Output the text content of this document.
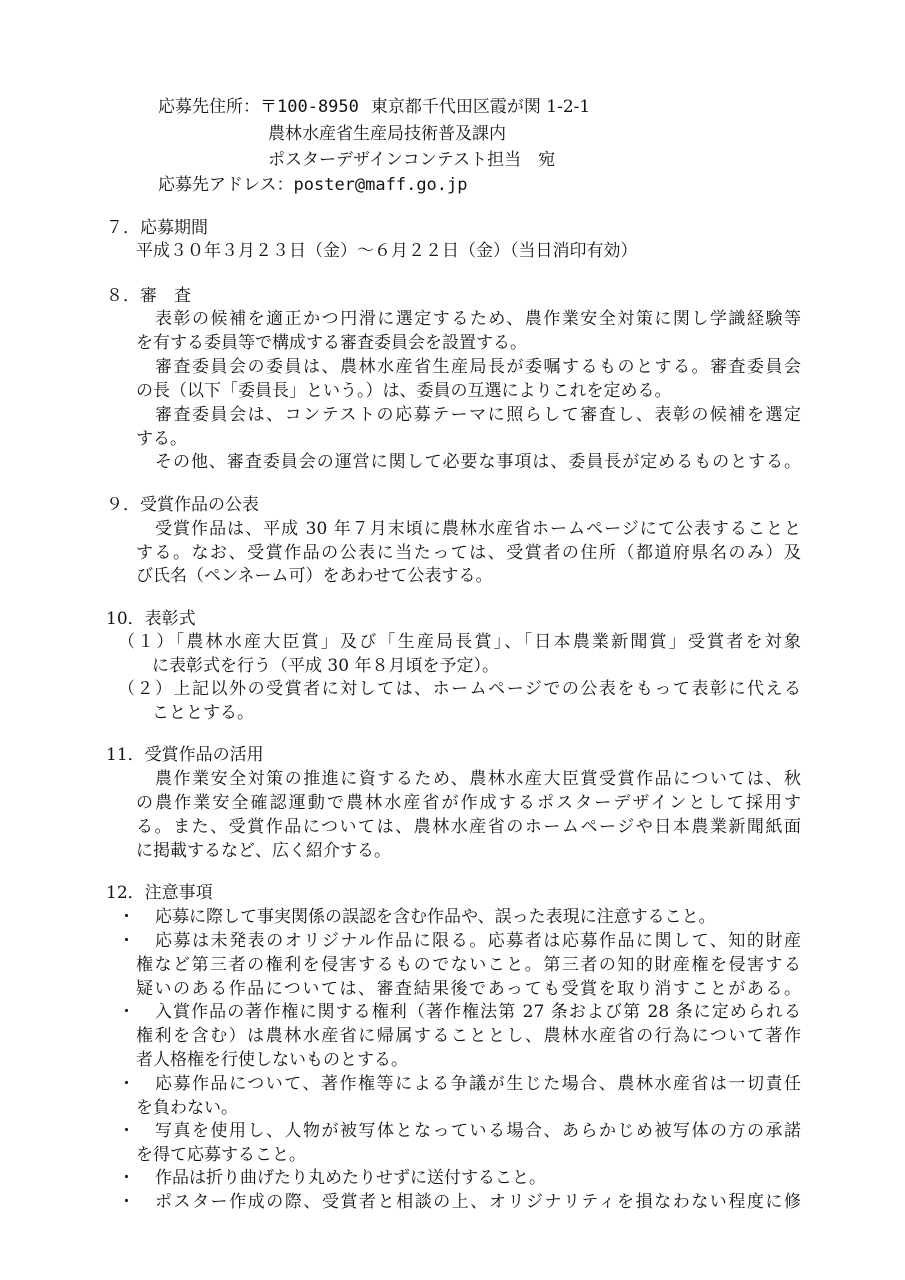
応募先住所：〒100-8950 東京都千代田区霞が関 1-2-1
農林水産省生産局技術普及課内
ポスターデザインコンテスト担当　宛
応募先アドレス：poster@maff.go.jp
７．応募期間
平成３０年３月２３日（金）～６月２２日（金）（当日消印有効）
８．審　査
表彰の候補を適正かつ円滑に選定するため、農作業安全対策に関し学識経験等
を有する委員等で構成する審査委員会を設置する。
審査委員会の委員は、農林水産省生産局長が委嘱するものとする。審査委員会
の長（以下「委員長」という。）は、委員の互選によりこれを定める。
審査委員会は、コンテストの応募テーマに照らして審査し、表彰の候補を選定
する。
その他、審査委員会の運営に関して必要な事項は、委員長が定めるものとする。
９．受賞作品の公表
受賞作品は、平成 30 年７月末頃に農林水産省ホームページにて公表することと
する。なお、受賞作品の公表に当たっては、受賞者の住所（都道府県名のみ）及
び氏名（ペンネーム可）をあわせて公表する。
10．表彰式
（１）「農林水産大臣賞」及び「生産局長賞」、「日本農業新聞賞」受賞者を対象
に表彰式を行う（平成 30 年８月頃を予定）。
（２）上記以外の受賞者に対しては、ホームページでの公表をもって表彰に代える
こととする。
11．受賞作品の活用
農作業安全対策の推進に資するため、農林水産大臣賞受賞作品については、秋
の農作業安全確認運動で農林水産省が作成するポスターデザインとして採用す
る。また、受賞作品については、農林水産省のホームページや日本農業新聞紙面
に掲載するなど、広く紹介する。
12．注意事項
・ 応募に際して事実関係の誤認を含む作品や、誤った表現に注意すること。
・ 応募は未発表のオリジナル作品に限る。応募者は応募作品に関して、知的財産
権など第三者の権利を侵害するものでないこと。第三者の知的財産権を侵害する
疑いのある作品については、審査結果後であっても受賞を取り消すことがある。
・ 入賞作品の著作権に関する権利（著作権法第 27 条および第 28 条に定められる
権利を含む）は農林水産省に帰属することとし、農林水産省の行為について著作
者人格権を行使しないものとする。
・ 応募作品について、著作権等による争議が生じた場合、農林水産省は一切責任
を負わない。
・ 写真を使用し、人物が被写体となっている場合、あらかじめ被写体の方の承諾
を得て応募すること。
・ 作品は折り曲げたり丸めたりせずに送付すること。
・ ポスター作成の際、受賞者と相談の上、オリジナリティを損なわない程度に修
